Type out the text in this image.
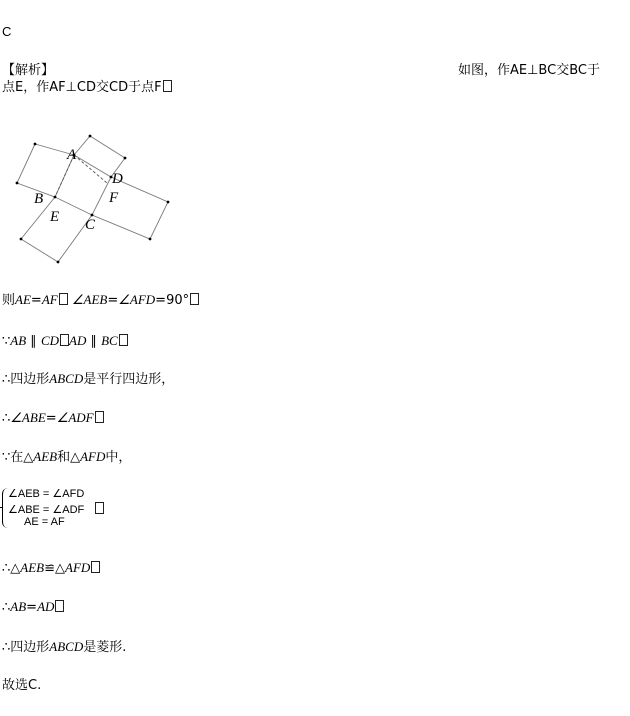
C
【解析】	如图，作AE⊥BC交BC于
点E，作AF⊥CD交CD于点F
A
B
C
D
E
F
则AE=AF ∠AEB=∠AFD=90°
∵AB ∥ CD AD ∥ BC
∴四边形ABCD是平行四边形，
∴∠ABE=∠ADF
∵在△AEB和△AFD中，
∠AEB = ∠AFD
∠ABE = ∠ADF
AE = AF
∴△AEB≌△AFD
∴AB=AD
∴四边形ABCD是菱形.
故选C.
